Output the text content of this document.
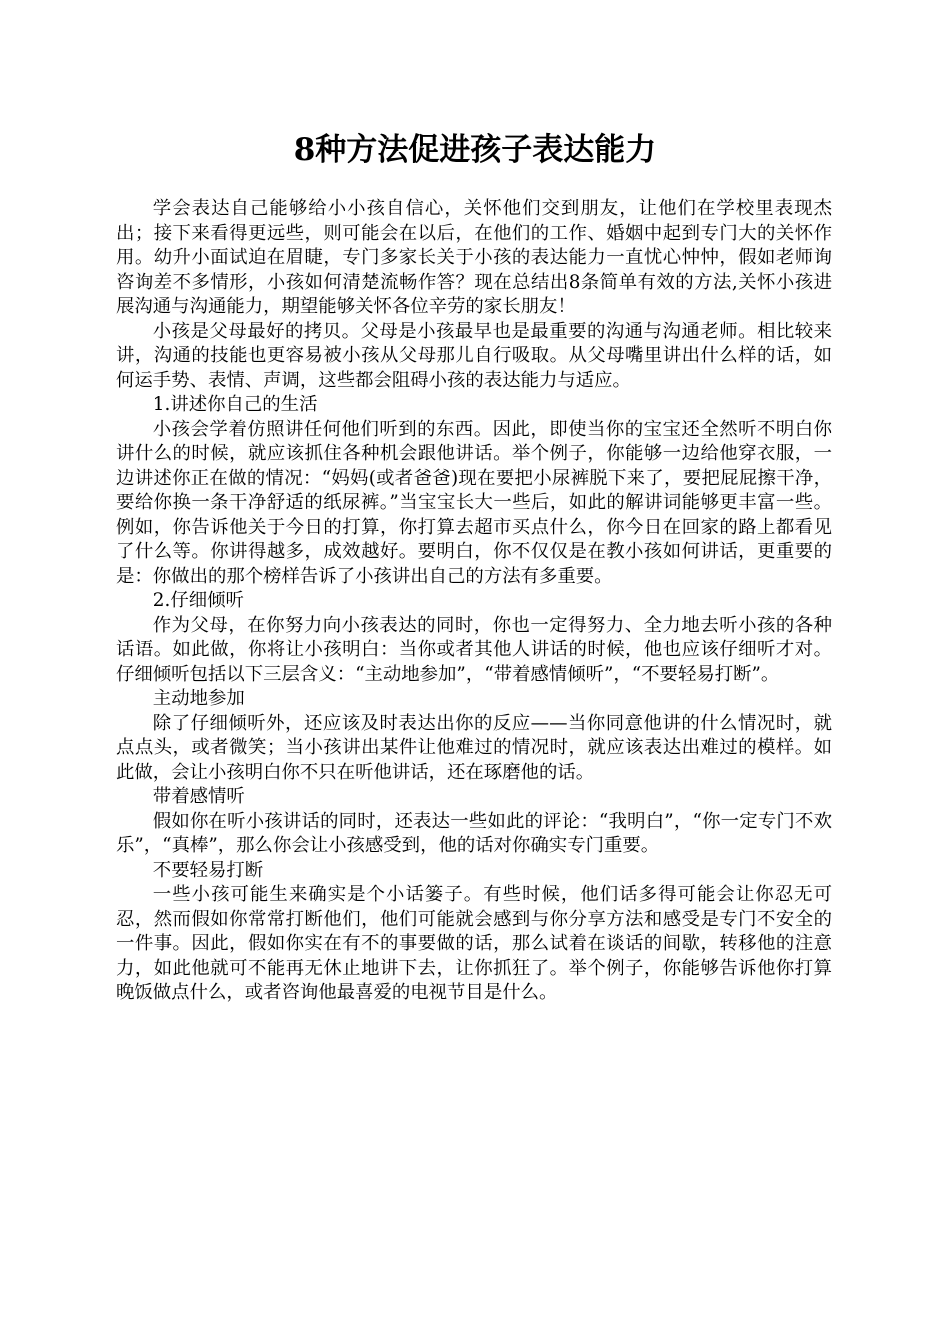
8种方法促进孩子表达能力

学会表达自己能够给小小孩自信心，关怀他们交到朋友，让他们在学校里表现杰出；接下来看得更远些，则可能会在以后，在他们的工作、婚姻中起到专门大的关怀作用。幼升小面试迫在眉睫，专门多家长关于小孩的表达能力一直忧心忡忡，假如老师询咨询差不多情形，小孩如何清楚流畅作答？现在总结出8条简单有效的方法,关怀小孩进展沟通与沟通能力，期望能够关怀各位辛劳的家长朋友！

小孩是父母最好的拷贝。父母是小孩最早也是最重要的沟通与沟通老师。相比较来讲，沟通的技能也更容易被小孩从父母那儿自行吸取。从父母嘴里讲出什么样的话，如何运手势、表情、声调，这些都会阻碍小孩的表达能力与适应。

1.讲述你自己的生活

小孩会学着仿照讲任何他们听到的东西。因此，即使当你的宝宝还全然听不明白你讲什么的时候，就应该抓住各种机会跟他讲话。举个例子，你能够一边给他穿衣服，一边讲述你正在做的情况：“妈妈(或者爸爸)现在要把小尿裤脱下来了，要把屁屁擦干净，要给你换一条干净舒适的纸尿裤。”当宝宝长大一些后，如此的解讲词能够更丰富一些。例如，你告诉他关于今日的打算，你打算去超市买点什么，你今日在回家的路上都看见了什么等。你讲得越多，成效越好。要明白，你不仅仅是在教小孩如何讲话，更重要的是：你做出的那个榜样告诉了小孩讲出自己的方法有多重要。

2.仔细倾听

作为父母，在你努力向小孩表达的同时，你也一定得努力、全力地去听小孩的各种话语。如此做，你将让小孩明白：当你或者其他人讲话的时候，他也应该仔细听才对。仔细倾听包括以下三层含义：“主动地参加”，“带着感情倾听”，“不要轻易打断”。

主动地参加

除了仔细倾听外，还应该及时表达出你的反应——当你同意他讲的什么情况时，就点点头，或者微笑；当小孩讲出某件让他难过的情况时，就应该表达出难过的模样。如此做，会让小孩明白你不只在听他讲话，还在琢磨他的话。

带着感情听

假如你在听小孩讲话的同时，还表达一些如此的评论：“我明白”，“你一定专门不欢乐”，“真棒”，那么你会让小孩感受到，他的话对你确实专门重要。

不要轻易打断

一些小孩可能生来确实是个小话篓子。有些时候，他们话多得可能会让你忍无可忍，然而假如你常常打断他们，他们可能就会感到与你分享方法和感受是专门不安全的一件事。因此，假如你实在有不的事要做的话，那么试着在谈话的间歇，转移他的注意力，如此他就可不能再无休止地讲下去，让你抓狂了。举个例子，你能够告诉他你打算晚饭做点什么，或者咨询他最喜爱的电视节目是什么。
